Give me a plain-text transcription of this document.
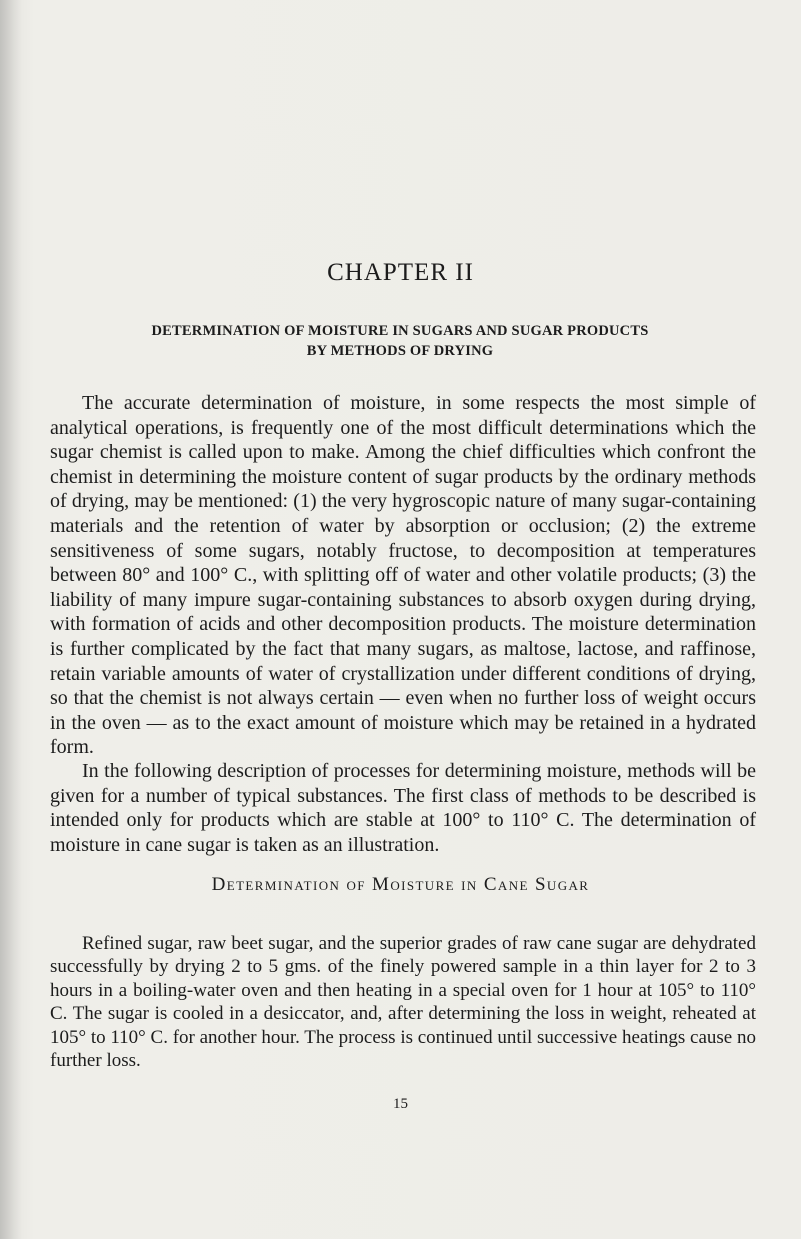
CHAPTER II
DETERMINATION OF MOISTURE IN SUGARS AND SUGAR PRODUCTS
BY METHODS OF DRYING

The accurate determination of moisture, in some respects the most simple of analytical operations, is frequently one of the most difficult determinations which the sugar chemist is called upon to make. Among the chief difficulties which confront the chemist in determining the moisture content of sugar products by the ordinary methods of drying, may be mentioned: (1) the very hygroscopic nature of many sugar-containing materials and the retention of water by absorption or occlusion; (2) the extreme sensitiveness of some sugars, notably fructose, to decomposition at temperatures between 80° and 100° C., with splitting off of water and other volatile products; (3) the liability of many impure sugar-containing substances to absorb oxygen during drying, with formation of acids and other decomposition products. The moisture determination is further complicated by the fact that many sugars, as maltose, lactose, and raffinose, retain variable amounts of water of crystallization under different conditions of drying, so that the chemist is not always certain — even when no further loss of weight occurs in the oven — as to the exact amount of moisture which may be retained in a hydrated form.

In the following description of processes for determining moisture, methods will be given for a number of typical substances. The first class of methods to be described is intended only for products which are stable at 100° to 110° C. The determination of moisture in cane sugar is taken as an illustration.

Determination of Moisture in Cane Sugar

Refined sugar, raw beet sugar, and the superior grades of raw cane sugar are dehydrated successfully by drying 2 to 5 gms. of the finely powered sample in a thin layer for 2 to 3 hours in a boiling-water oven and then heating in a special oven for 1 hour at 105° to 110° C. The sugar is cooled in a desiccator, and, after determining the loss in weight, reheated at 105° to 110° C. for another hour. The process is continued until successive heatings cause no further loss.

15
